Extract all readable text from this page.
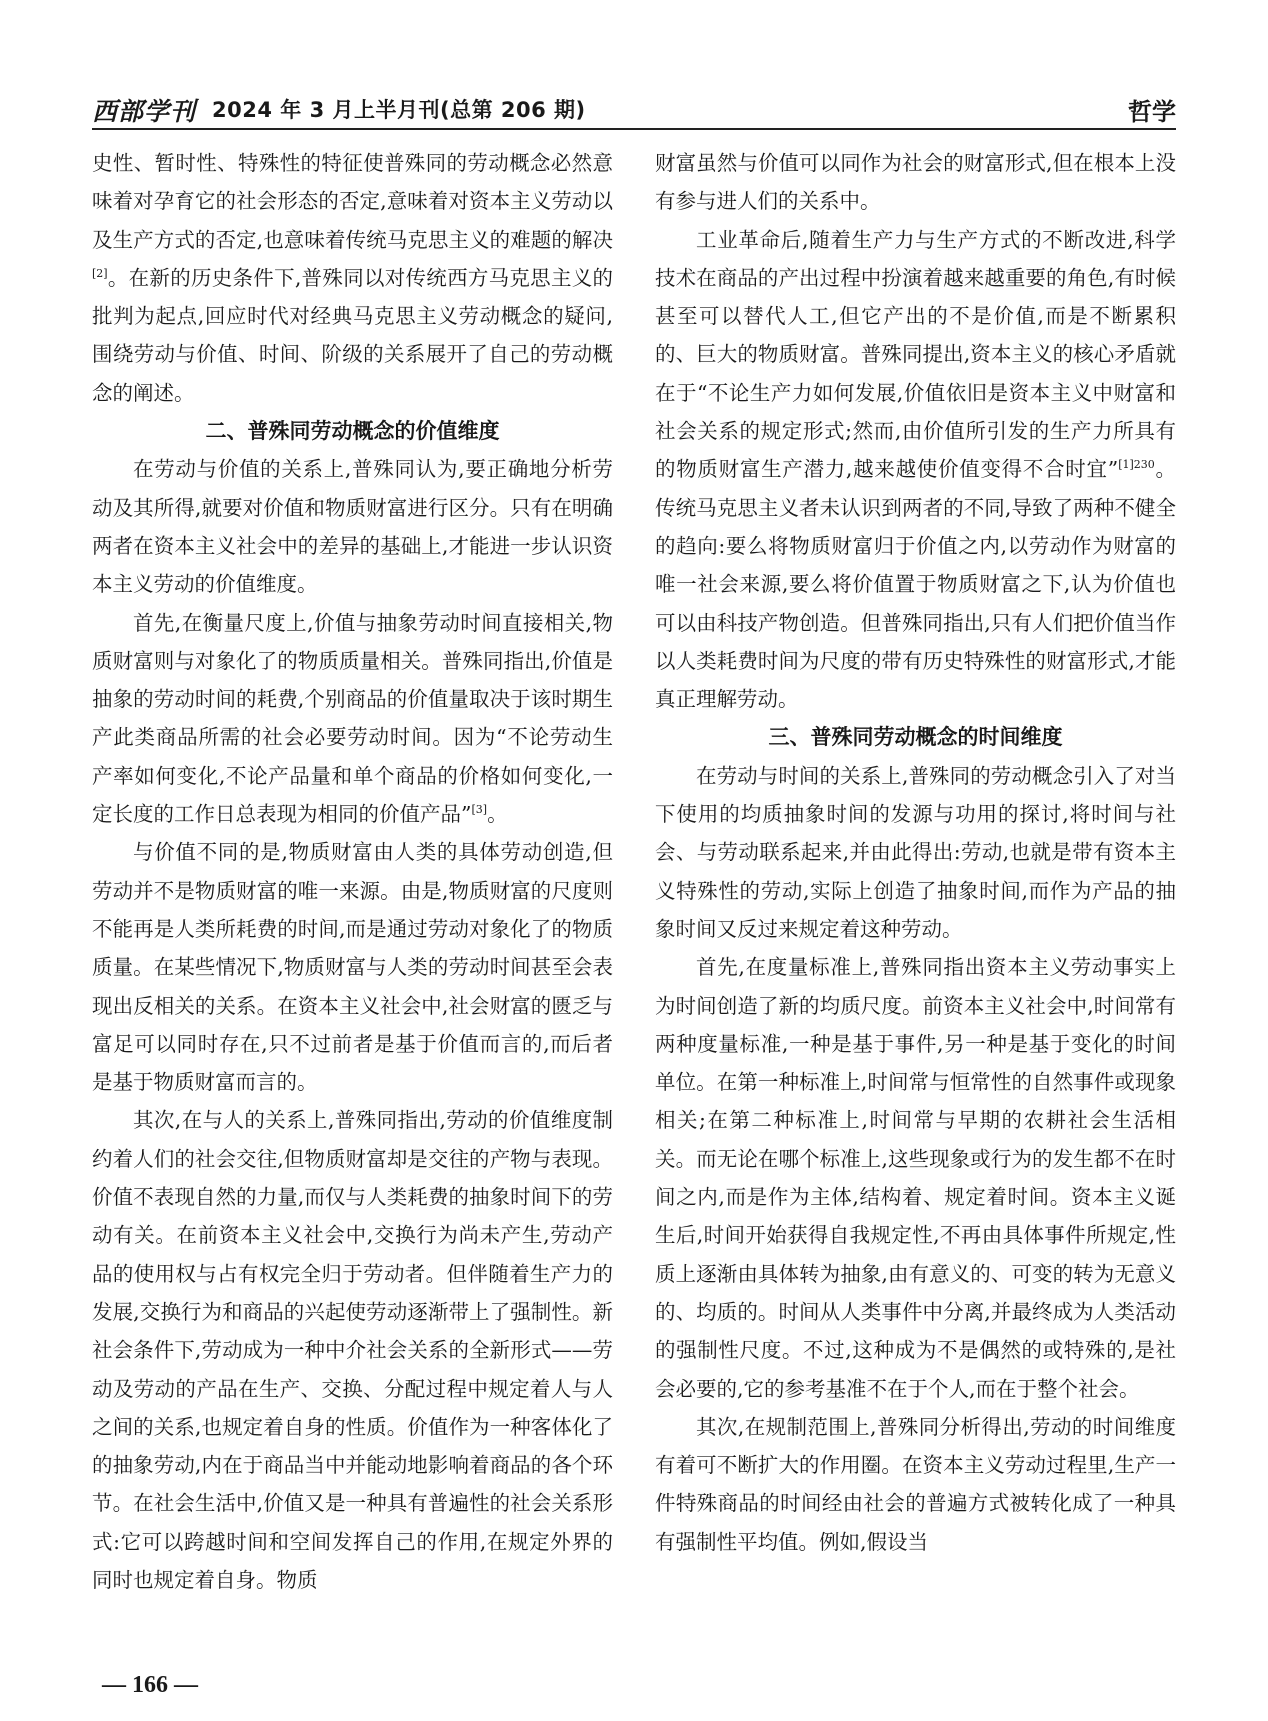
西部学刊 2024 年 3 月上半月刊(总第 206 期)	哲学

史性、暂时性、特殊性的特征使普殊同的劳动概念必然意味着对孕育它的社会形态的否定,意味着对资本主义劳动以及生产方式的否定,也意味着传统马克思主义的难题的解决[2]。在新的历史条件下,普殊同以对传统西方马克思主义的批判为起点,回应时代对经典马克思主义劳动概念的疑问,围绕劳动与价值、时间、阶级的关系展开了自己的劳动概念的阐述。

二、普殊同劳动概念的价值维度

在劳动与价值的关系上,普殊同认为,要正确地分析劳动及其所得,就要对价值和物质财富进行区分。只有在明确两者在资本主义社会中的差异的基础上,才能进一步认识资本主义劳动的价值维度。

首先,在衡量尺度上,价值与抽象劳动时间直接相关,物质财富则与对象化了的物质质量相关。普殊同指出,价值是抽象的劳动时间的耗费,个别商品的价值量取决于该时期生产此类商品所需的社会必要劳动时间。因为“不论劳动生产率如何变化,不论产品量和单个商品的价格如何变化,一定长度的工作日总表现为相同的价值产品”[3]。

与价值不同的是,物质财富由人类的具体劳动创造,但劳动并不是物质财富的唯一来源。由是,物质财富的尺度则不能再是人类所耗费的时间,而是通过劳动对象化了的物质质量。在某些情况下,物质财富与人类的劳动时间甚至会表现出反相关的关系。在资本主义社会中,社会财富的匮乏与富足可以同时存在,只不过前者是基于价值而言的,而后者是基于物质财富而言的。

其次,在与人的关系上,普殊同指出,劳动的价值维度制约着人们的社会交往,但物质财富却是交往的产物与表现。价值不表现自然的力量,而仅与人类耗费的抽象时间下的劳动有关。在前资本主义社会中,交换行为尚未产生,劳动产品的使用权与占有权完全归于劳动者。但伴随着生产力的发展,交换行为和商品的兴起使劳动逐渐带上了强制性。新社会条件下,劳动成为一种中介社会关系的全新形式——劳动及劳动的产品在生产、交换、分配过程中规定着人与人之间的关系,也规定着自身的性质。价值作为一种客体化了的抽象劳动,内在于商品当中并能动地影响着商品的各个环节。在社会生活中,价值又是一种具有普遍性的社会关系形式:它可以跨越时间和空间发挥自己的作用,在规定外界的同时也规定着自身。物质

财富虽然与价值可以同作为社会的财富形式,但在根本上没有参与进人们的关系中。

工业革命后,随着生产力与生产方式的不断改进,科学技术在商品的产出过程中扮演着越来越重要的角色,有时候甚至可以替代人工,但它产出的不是价值,而是不断累积的、巨大的物质财富。普殊同提出,资本主义的核心矛盾就在于“不论生产力如何发展,价值依旧是资本主义中财富和社会关系的规定形式;然而,由价值所引发的生产力所具有的物质财富生产潜力,越来越使价值变得不合时宜”$^{[1]230}$。传统马克思主义者未认识到两者的不同,导致了两种不健全的趋向:要么将物质财富归于价值之内,以劳动作为财富的唯一社会来源,要么将价值置于物质财富之下,认为价值也可以由科技产物创造。但普殊同指出,只有人们把价值当作以人类耗费时间为尺度的带有历史特殊性的财富形式,才能真正理解劳动。

三、普殊同劳动概念的时间维度

在劳动与时间的关系上,普殊同的劳动概念引入了对当下使用的均质抽象时间的发源与功用的探讨,将时间与社会、与劳动联系起来,并由此得出:劳动,也就是带有资本主义特殊性的劳动,实际上创造了抽象时间,而作为产品的抽象时间又反过来规定着这种劳动。

首先,在度量标准上,普殊同指出资本主义劳动事实上为时间创造了新的均质尺度。前资本主义社会中,时间常有两种度量标准,一种是基于事件,另一种是基于变化的时间单位。在第一种标准上,时间常与恒常性的自然事件或现象相关;在第二种标准上,时间常与早期的农耕社会生活相关。而无论在哪个标准上,这些现象或行为的发生都不在时间之内,而是作为主体,结构着、规定着时间。资本主义诞生后,时间开始获得自我规定性,不再由具体事件所规定,性质上逐渐由具体转为抽象,由有意义的、可变的转为无意义的、均质的。时间从人类事件中分离,并最终成为人类活动的强制性尺度。不过,这种成为不是偶然的或特殊的,是社会必要的,它的参考基准不在于个人,而在于整个社会。

其次,在规制范围上,普殊同分析得出,劳动的时间维度有着可不断扩大的作用圈。在资本主义劳动过程里,生产一件特殊商品的时间经由社会的普遍方式被转化成了一种具有强制性平均值。例如,假设当

— 166 —
